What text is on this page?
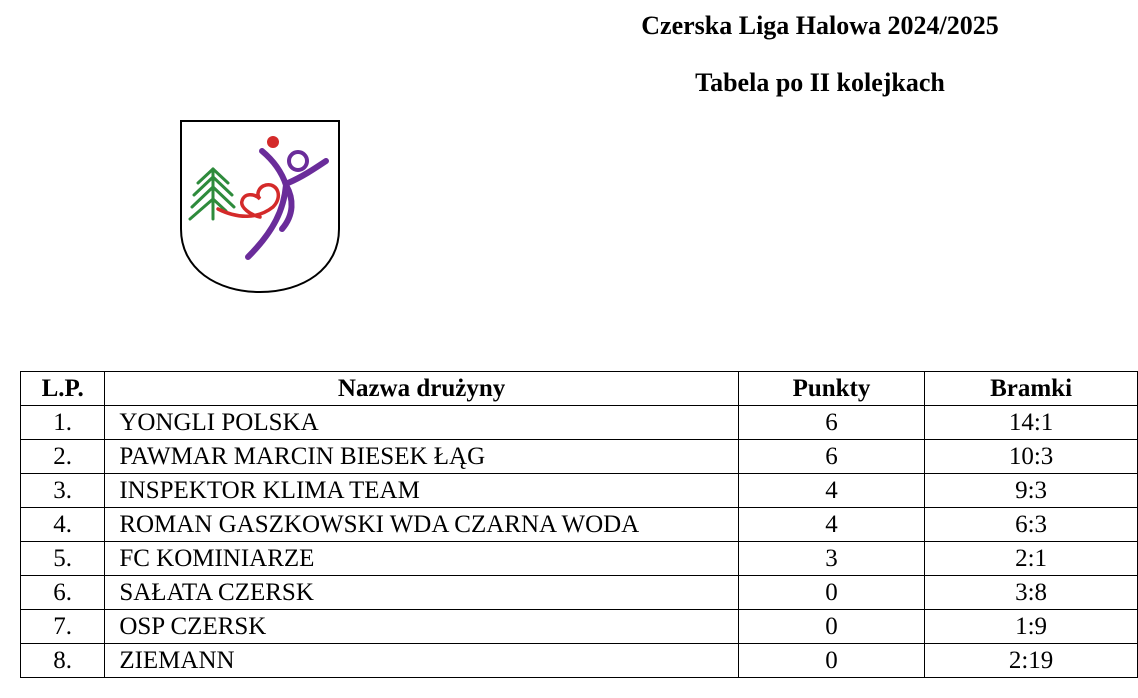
Czerska Liga Halowa 2024/2025
Tabela po II kolejkach
L.P.	Nazwa drużyny	Punkty	Bramki
1.	YONGLI POLSKA	6	14:1
2.	PAWMAR MARCIN BIESEK ŁĄG	6	10:3
3.	INSPEKTOR KLIMA TEAM	4	9:3
4.	ROMAN GASZKOWSKI WDA CZARNA WODA	4	6:3
5.	FC KOMINIARZE	3	2:1
6.	SAŁATA CZERSK	0	3:8
7.	OSP CZERSK	0	1:9
8.	ZIEMANN	0	2:19
